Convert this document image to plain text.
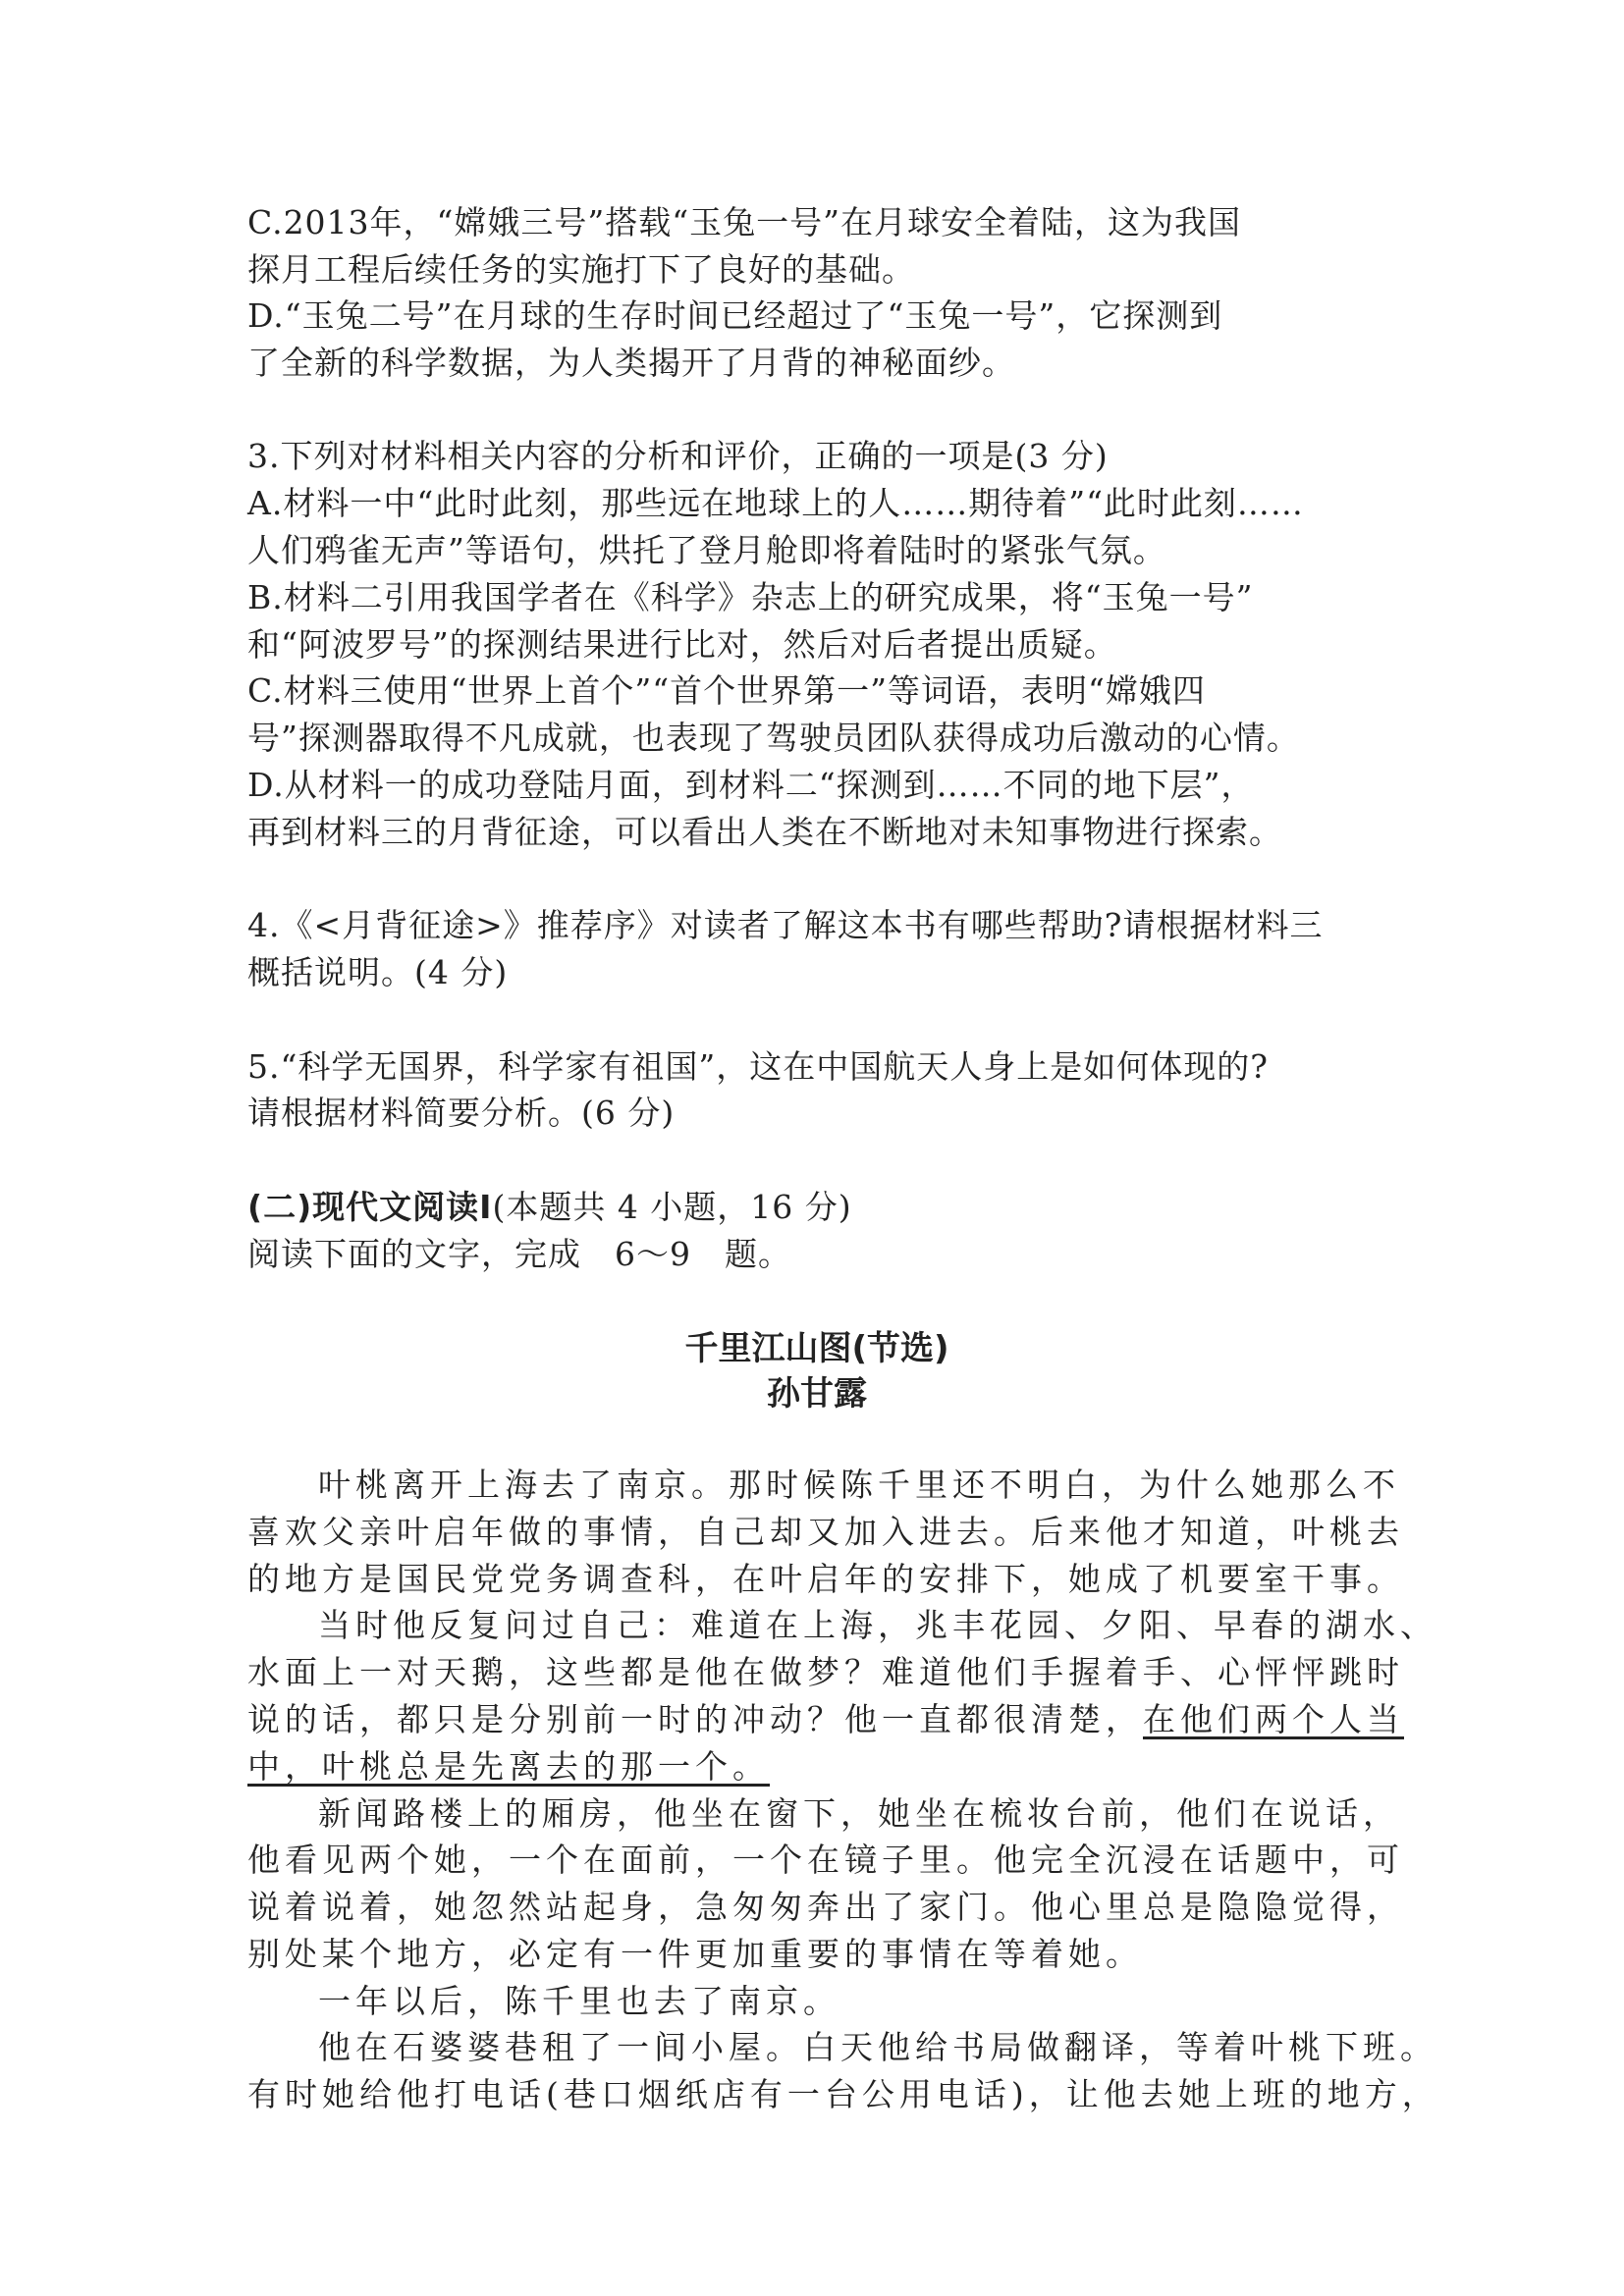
C.2013年，“嫦娥三号”搭载“玉兔一号”在月球安全着陆，这为我国
探月工程后续任务的实施打下了良好的基础。
D.“玉兔二号”在月球的生存时间已经超过了“玉兔一号”，它探测到
了全新的科学数据，为人类揭开了月背的神秘面纱。
3.下列对材料相关内容的分析和评价，正确的一项是(3 分)
A.材料一中“此时此刻，那些远在地球上的人……期待着”“此时此刻……
人们鸦雀无声”等语句，烘托了登月舱即将着陆时的紧张气氛。
B.材料二引用我国学者在《科学》杂志上的研究成果，将“玉兔一号”
和“阿波罗号”的探测结果进行比对，然后对后者提出质疑。
C.材料三使用“世界上首个”“首个世界第一”等词语，表明“嫦娥四
号”探测器取得不凡成就，也表现了驾驶员团队获得成功后激动的心情。
D.从材料一的成功登陆月面，到材料二“探测到……不同的地下层”，
再到材料三的月背征途，可以看出人类在不断地对未知事物进行探索。
4.《<月背征途>》推荐序》对读者了解这本书有哪些帮助?请根据材料三
概括说明。(4 分)
5.“科学无国界，科学家有祖国”，这在中国航天人身上是如何体现的?
请根据材料简要分析。(6 分)
(二)现代文阅读Ⅰ(本题共 4 小题，16 分)
阅读下面的文字，完成　6～9　题。
千里江山图(节选)
孙甘露
叶桃离开上海去了南京。那时候陈千里还不明白，为什么她那么不
喜欢父亲叶启年做的事情，自己却又加入进去。后来他才知道，叶桃去
的地方是国民党党务调查科，在叶启年的安排下，她成了机要室干事。
当时他反复问过自己：难道在上海，兆丰花园、夕阳、早春的湖水、
水面上一对天鹅，这些都是他在做梦？难道他们手握着手、心怦怦跳时
说的话，都只是分别前一时的冲动？他一直都很清楚，在他们两个人当
中，叶桃总是先离去的那一个。
新闻路楼上的厢房，他坐在窗下，她坐在梳妆台前，他们在说话，
他看见两个她，一个在面前，一个在镜子里。他完全沉浸在话题中，可
说着说着，她忽然站起身，急匆匆奔出了家门。他心里总是隐隐觉得，
别处某个地方，必定有一件更加重要的事情在等着她。
一年以后，陈千里也去了南京。
他在石婆婆巷租了一间小屋。白天他给书局做翻译，等着叶桃下班。
有时她给他打电话(巷口烟纸店有一台公用电话)，让他去她上班的地方，
